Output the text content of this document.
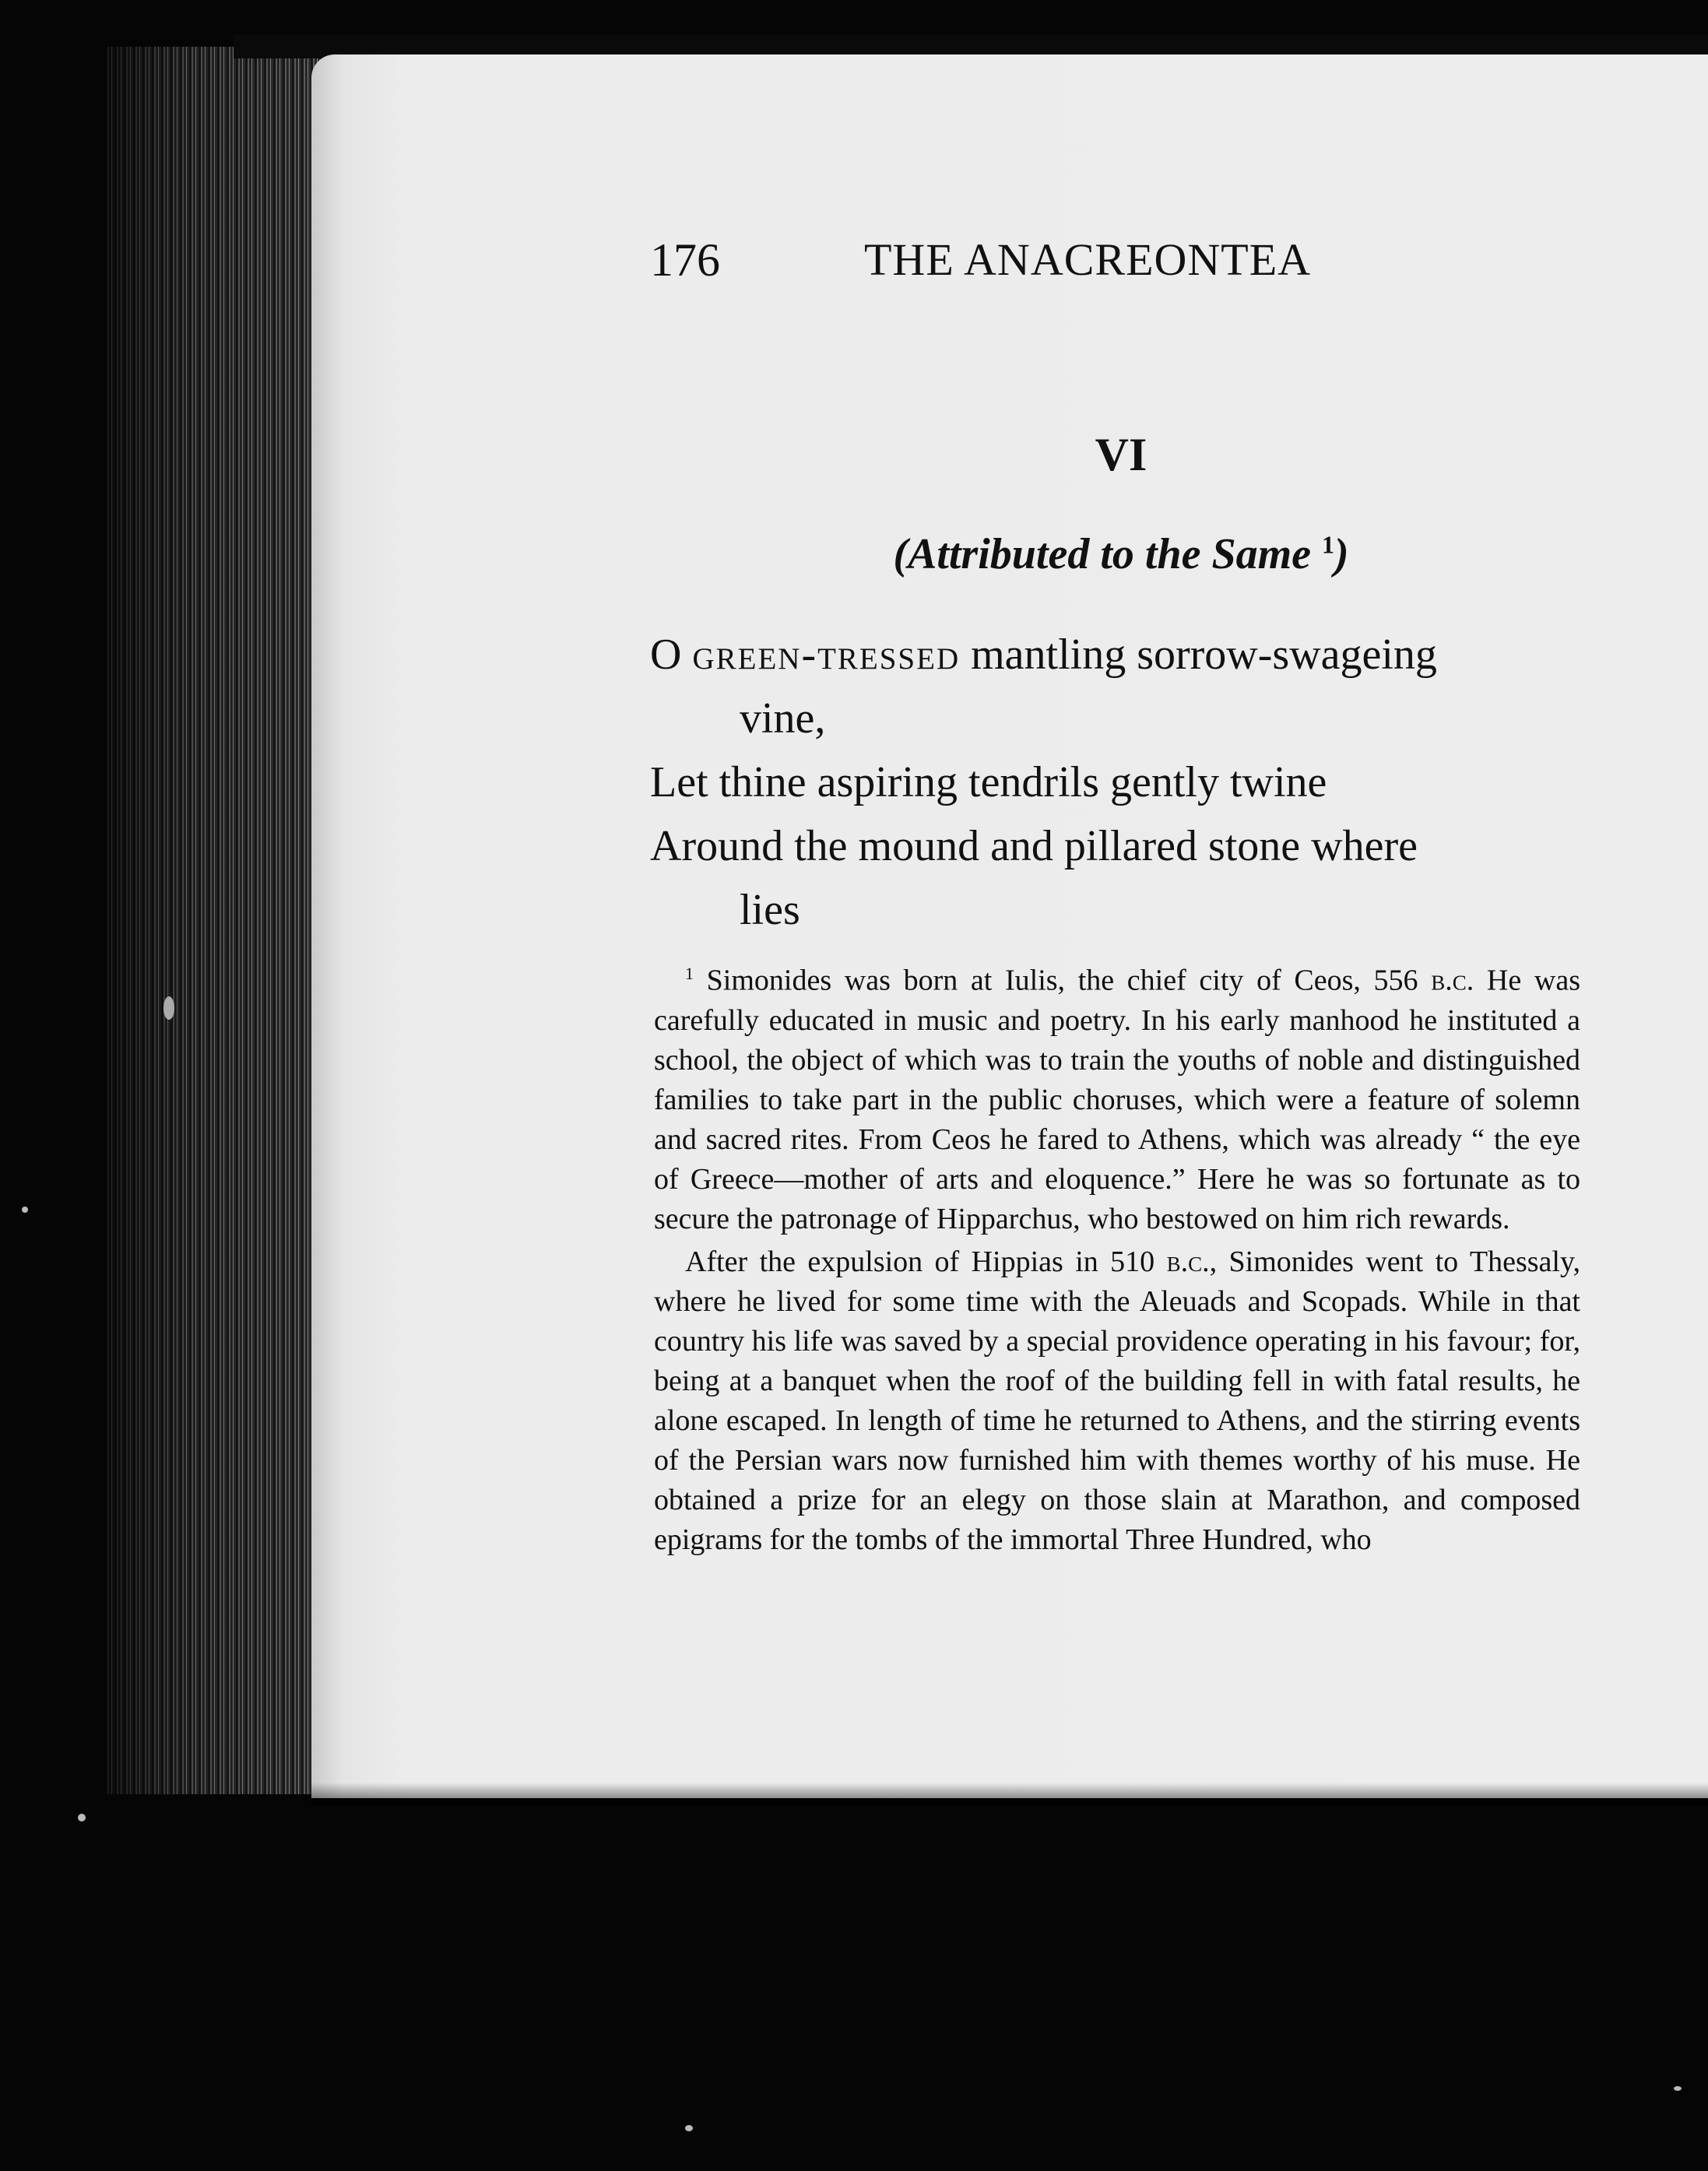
176	THE ANACREONTEA
VI
(Attributed to the Same $^1$)
O green-tressed mantling sorrow-swageing
vine,
Let thine aspiring tendrils gently twine
Around the mound and pillared stone where
lies

$^1$ Simonides was born at Iulis, the chief city of Ceos, 556 b.c. He was carefully educated in music and poetry. In his early manhood he instituted a school, the object of which was to train the youths of noble and distinguished families to take part in the public choruses, which were a feature of solemn and sacred rites. From Ceos he fared to Athens, which was already “ the eye of Greece—mother of arts and eloquence.” Here he was so fortunate as to secure the patronage of Hipparchus, who bestowed on him rich rewards.

After the expulsion of Hippias in 510 b.c., Simonides went to Thessaly, where he lived for some time with the Aleuads and Scopads. While in that country his life was saved by a special providence operating in his favour; for, being at a banquet when the roof of the building fell in with fatal results, he alone escaped. In length of time he returned to Athens, and the stirring events of the Persian wars now furnished him with themes worthy of his muse. He obtained a prize for an elegy on those slain at Marathon, and composed epigrams for the tombs of the immortal Three Hundred, who
